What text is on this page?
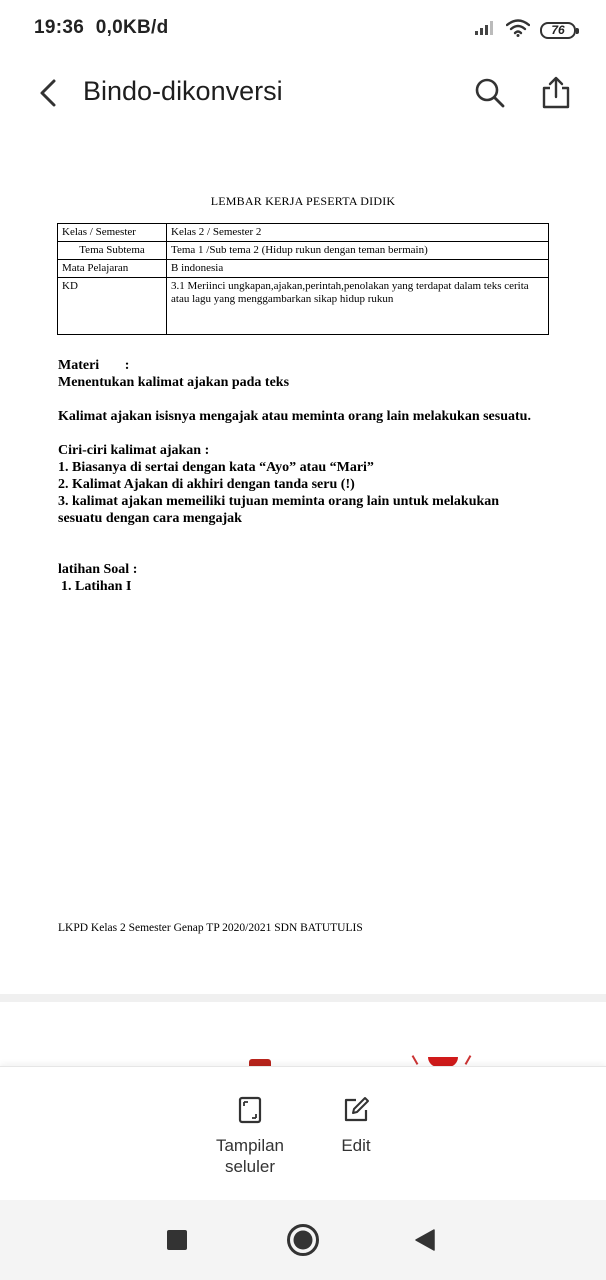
19:36 0,0KB/d	76
Bindo-dikonversi
LEMBAR KERJA PESERTA DIDIK
Kelas / Semester	Kelas 2 / Semester 2
Tema Subtema	Tema 1 /Sub tema 2 (Hidup rukun dengan teman bermain)
Mata Pelajaran	B indonesia
KD	3.1 Meriinci ungkapan,ajakan,perintah,penolakan yang terdapat dalam teks cerita atau lagu yang menggambarkan sikap hidup rukun

Materi :

Menentukan kalimat ajakan pada teks

Kalimat ajakan isisnya mengajak atau meminta orang lain melakukan sesuatu.

Ciri-ciri kalimat ajakan :

1. Biasanya di sertai dengan kata “Ayo” atau “Mari”

2. Kalimat Ajakan di akhiri dengan tanda seru (!)

3. kalimat ajakan memeiliki tujuan meminta orang lain untuk melakukan sesuatu dengan cara mengajak

latihan Soal :

1. Latihan I

LKPD Kelas 2 Semester Genap TP 2020/2021 SDN BATUTULIS
Tampilan seluler
Edit
